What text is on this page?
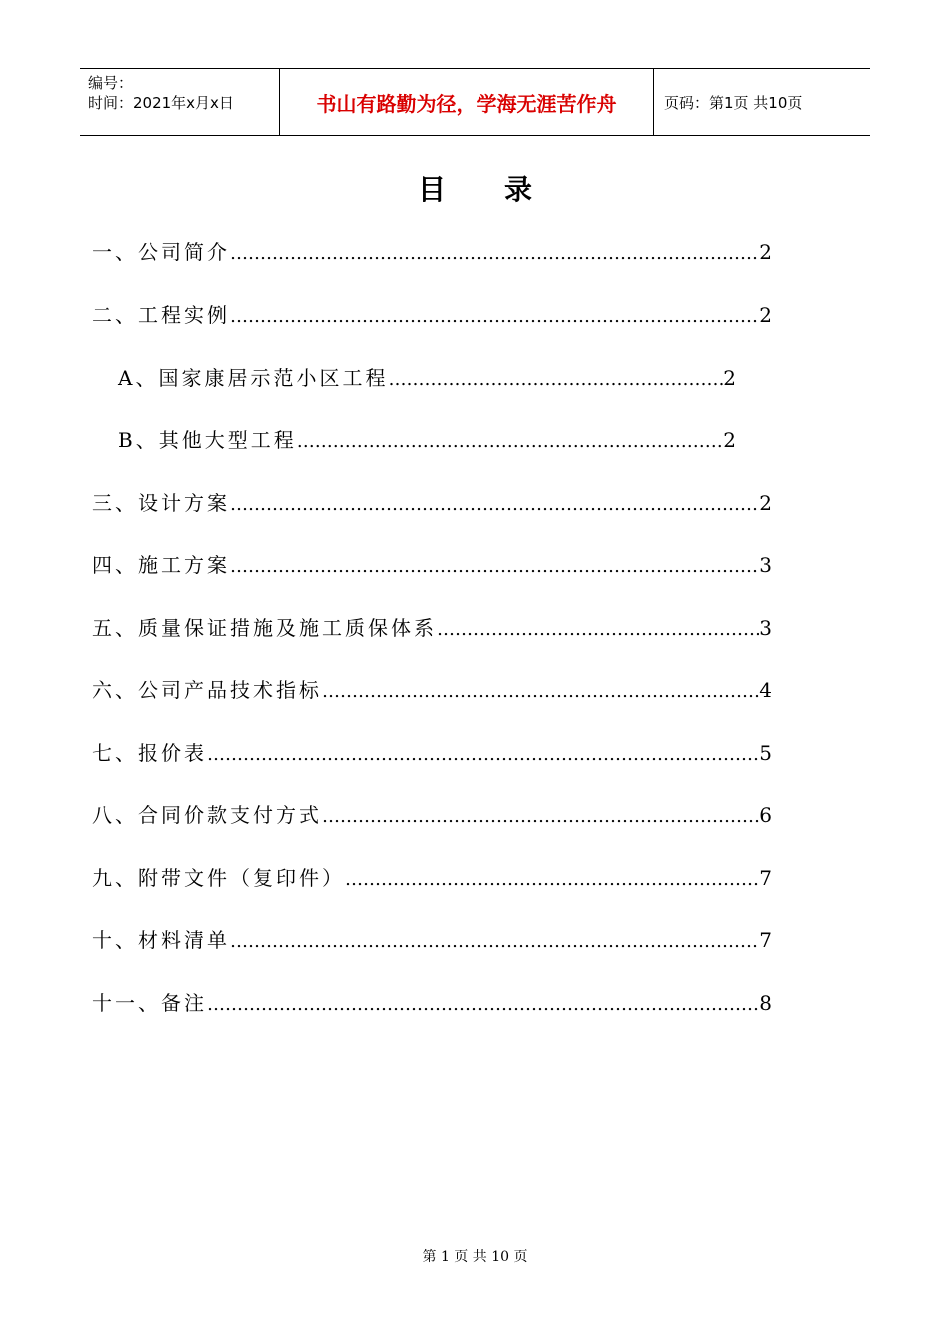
编号：
时间：2021年x月x日	书山有路勤为径，学海无涯苦作舟	页码：第1页 共10页
目录
一、公司简介 ………………………………………………………………………………………………………………	2
二、工程实例 ………………………………………………………………………………………………………………	2
A、国家康居示范小区工程 ………………………………………………………………………………………………………………	2
B、其他大型工程 ………………………………………………………………………………………………………………	2
三、设计方案 ………………………………………………………………………………………………………………	2
四、施工方案 ………………………………………………………………………………………………………………	3
五、质量保证措施及施工质保体系 ………………………………………………………………………………………………………………	3
六、公司产品技术指标 ………………………………………………………………………………………………………………	4
七、报价表 ………………………………………………………………………………………………………………	5
八、合同价款支付方式 ………………………………………………………………………………………………………………	6
九、附带文件（复印件） ………………………………………………………………………………………………………………	7
十、材料清单 ………………………………………………………………………………………………………………	7
十一、备注 ………………………………………………………………………………………………………………	8
第 1 页 共 10 页
